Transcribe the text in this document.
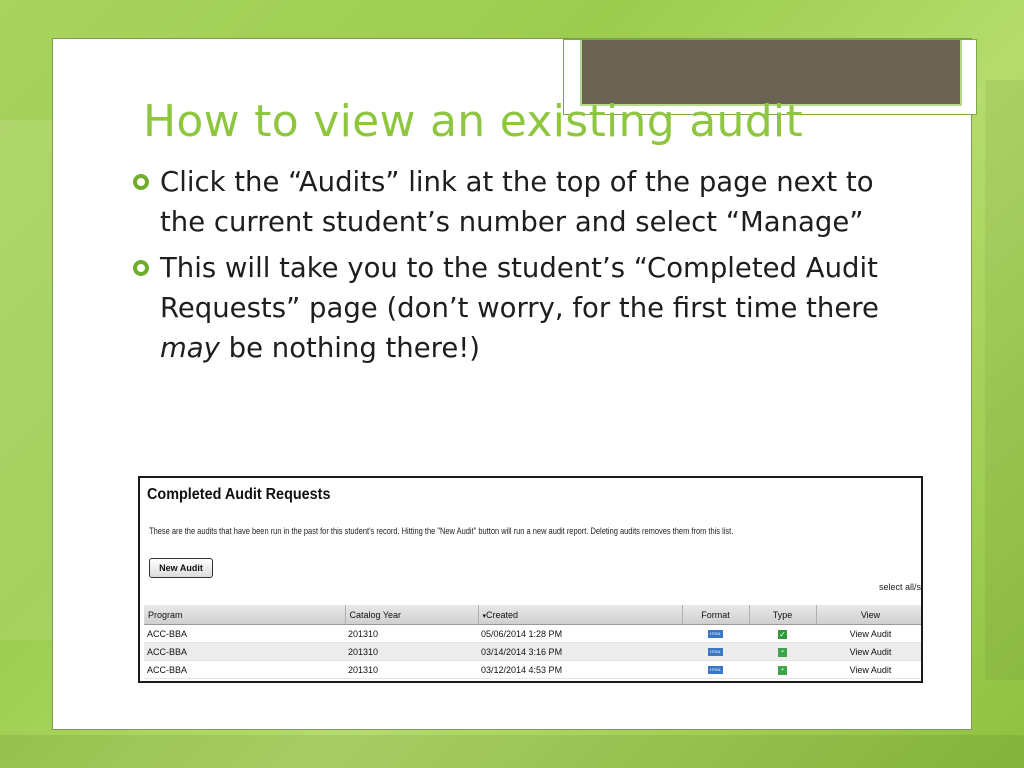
How to view an existing audit
Click the “Audits” link at the top of the page next to the current student’s number and select “Manage”
This will take you to the student’s “Completed Audit Requests” page (don’t worry, for the first time there may be nothing there!)
Completed Audit Requests
These are the audits that have been run in the past for this student's record. Hitting the "New Audit" button will run a new audit report. Deleting audits removes them from this list.
New Audit
select all/s
Program	Catalog Year	▾Created	Format	Type	View
ACC-BBA	201310	05/06/2014 1:28 PM	HTML	✓	View Audit
ACC-BBA	201310	03/14/2014 3:16 PM	HTML	▪	View Audit
ACC-BBA	201310	03/12/2014 4:53 PM	HTML	▪	View Audit
